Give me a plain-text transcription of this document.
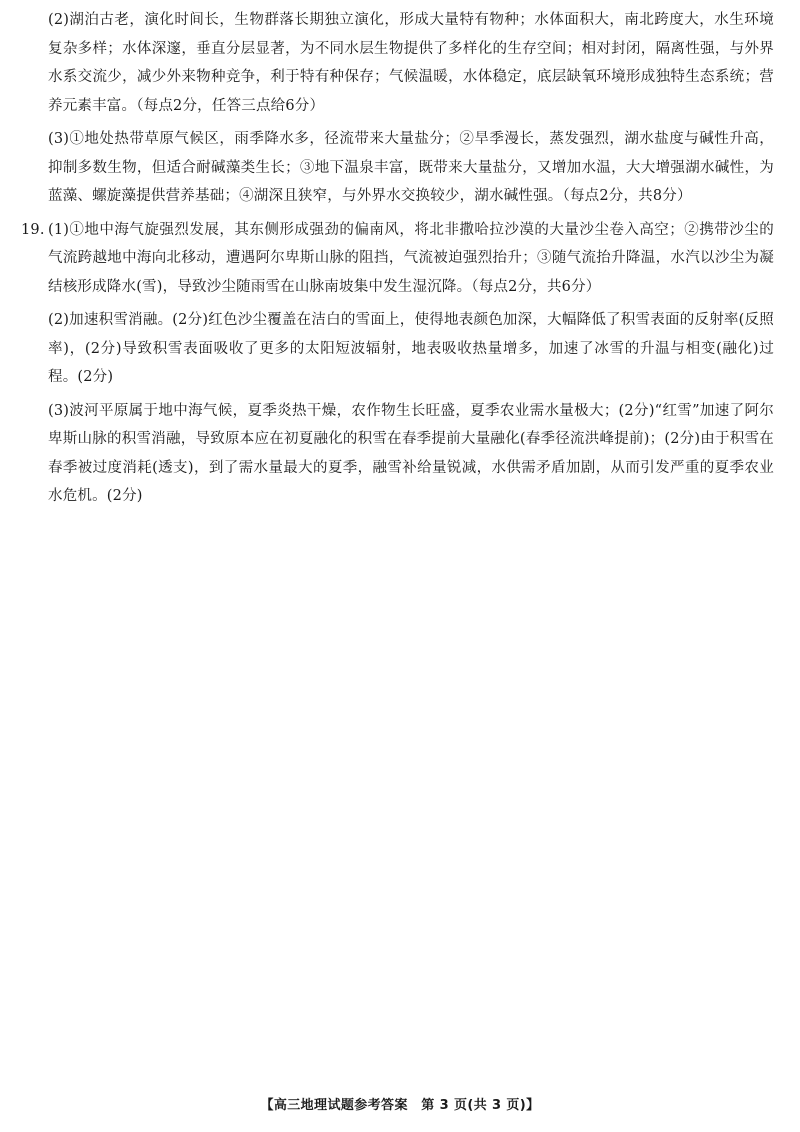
(2)湖泊古老，演化时间长，生物群落长期独立演化，形成大量特有物种；水体面积大，南北跨度大，水生环境复杂多样；水体深邃，垂直分层显著，为不同水层生物提供了多样化的生存空间；相对封闭，隔离性强，与外界水系交流少，减少外来物种竞争，利于特有种保存；气候温暖，水体稳定，底层缺氧环境形成独特生态系统；营养元素丰富。（每点2分，任答三点给6分）

(3)①地处热带草原气候区，雨季降水多，径流带来大量盐分；②旱季漫长，蒸发强烈，湖水盐度与碱性升高，抑制多数生物，但适合耐碱藻类生长；③地下温泉丰富，既带来大量盐分，又增加水温，大大增强湖水碱性，为蓝藻、螺旋藻提供营养基础；④湖深且狭窄，与外界水交换较少，湖水碱性强。（每点2分，共8分）

19. (1)①地中海气旋强烈发展，其东侧形成强劲的偏南风，将北非撒哈拉沙漠的大量沙尘卷入高空；②携带沙尘的气流跨越地中海向北移动，遭遇阿尔卑斯山脉的阻挡，气流被迫强烈抬升；③随气流抬升降温，水汽以沙尘为凝结核形成降水(雪)，导致沙尘随雨雪在山脉南坡集中发生湿沉降。（每点2分，共6分）

(2)加速积雪消融。(2分)红色沙尘覆盖在洁白的雪面上，使得地表颜色加深，大幅降低了积雪表面的反射率(反照率)，(2分)导致积雪表面吸收了更多的太阳短波辐射，地表吸收热量增多，加速了冰雪的升温与相变(融化)过程。(2分)

(3)波河平原属于地中海气候，夏季炎热干燥，农作物生长旺盛，夏季农业需水量极大；(2分)“红雪”加速了阿尔卑斯山脉的积雪消融，导致原本应在初夏融化的积雪在春季提前大量融化(春季径流洪峰提前)；(2分)由于积雪在春季被过度消耗(透支)，到了需水量最大的夏季，融雪补给量锐减，水供需矛盾加剧，从而引发严重的夏季农业水危机。(2分)

【高三地理试题参考答案　第 3 页(共 3 页)】
